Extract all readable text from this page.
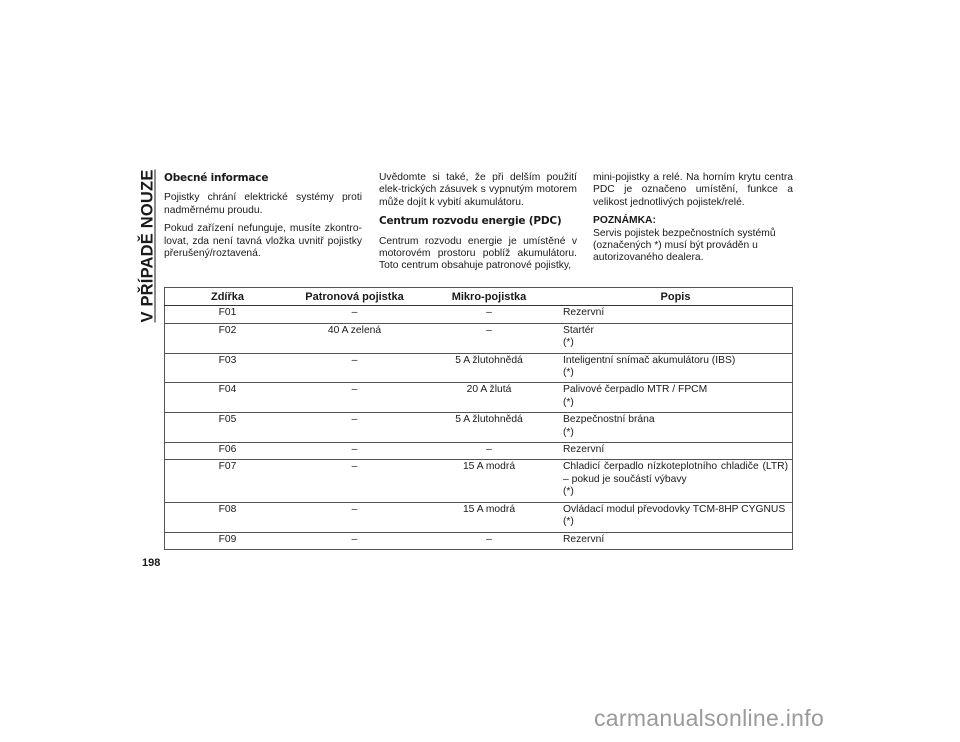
V PŘÍPADĚ NOUZE Obecné informace

Pojistky chrání elektrické systémy proti nadměrnému proudu.

Pokud zařízení nefunguje, musíte zkontro-lovat, zda není tavná vložka uvnitř pojistky přerušený/roztavená.

Uvědomte si také, že při delším použití elek-trických zásuvek s vypnutým motorem může dojít k vybití akumulátoru.

Centrum rozvodu energie (PDC)

Centrum rozvodu energie je umístěné v motorovém prostoru poblíž akumulátoru. Toto centrum obsahuje patronové pojistky,

mini-pojistky a relé. Na horním krytu centra PDC je označeno umístění, funkce a velikost jednotlivých pojistek/relé.

POZNÁMKA:
Servis pojistek bezpečnostních systémů (označených *) musí být prováděn u autorizovaného dealera.

Zdířka	Patronová pojistka	Mikro-pojistka	Popis
F01	–	–	Rezervní
F02	40 A zelená	–	Startér
(*)
F03	–	5 A žlutohnědá	Inteligentní snímač akumulátoru (IBS)
(*)
F04	–	20 A žlutá	Palivové čerpadlo MTR / FPCM
(*)
F05	–	5 A žlutohnědá	Bezpečnostní brána
(*)
F06	–	–	Rezervní
F07	–	15 A modrá	Chladicí čerpadlo nízkoteplotního chladiče (LTR) – pokud je součástí výbavy
(*)
F08	–	15 A modrá	Ovládací modul převodovky TCM-8HP CYGNUS
(*)
F09	–	–	Rezervní
198
carmanualsonline.info
